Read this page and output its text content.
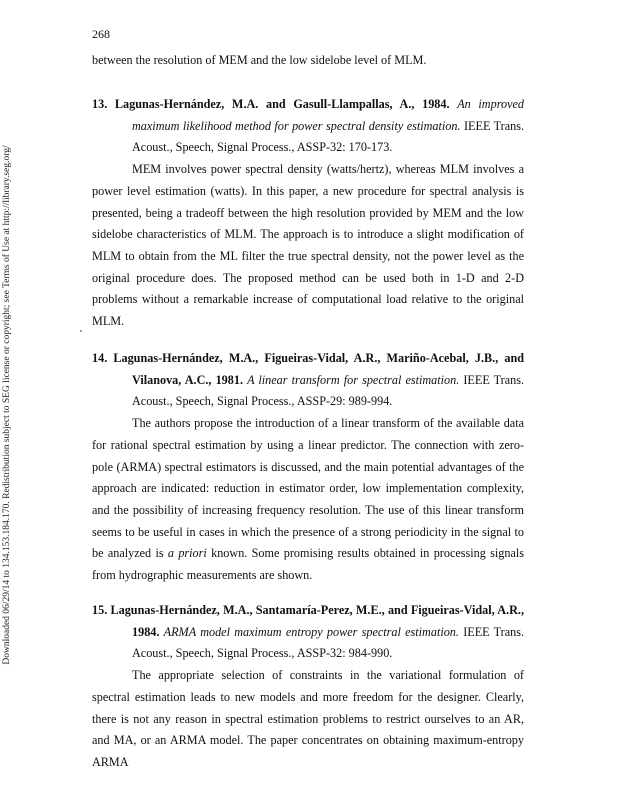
268
Downloaded 06/29/14 to 134.153.184.170. Redistribution subject to SEG license or copyright; see Terms of Use at http://library.seg.org/

between the resolution of MEM and the low sidelobe level of MLM.

13. Lagunas-Hernández, M.A. and Gasull-Llampallas, A., 1984. An improved maximum likelihood method for power spectral density estimation. IEEE Trans. Acoust., Speech, Signal Process., ASSP-32: 170-173.

MEM involves power spectral density (watts/hertz), whereas MLM involves a power level estimation (watts). In this paper, a new procedure for spectral analysis is presented, being a tradeoff between the high resolution provided by MEM and the low sidelobe characteristics of MLM. The approach is to introduce a slight modification of MLM to obtain from the ML filter the true spectral density, not the power level as the original procedure does. The proposed method can be used both in 1-D and 2-D problems without a remarkable increase of computational load relative to the original MLM.

14. Lagunas-Hernández, M.A., Figueiras-Vidal, A.R., Mariño-Acebal, J.B., and Vilanova, A.C., 1981. A linear transform for spectral estimation. IEEE Trans. Acoust., Speech, Signal Process., ASSP-29: 989-994.

The authors propose the introduction of a linear transform of the available data for rational spectral estimation by using a linear predictor. The connection with zero-pole (ARMA) spectral estimators is discussed, and the main potential advantages of the approach are indicated: reduction in estimator order, low implementation complexity, and the possibility of increasing frequency resolution. The use of this linear transform seems to be useful in cases in which the presence of a strong periodicity in the signal to be analyzed is a priori known. Some promising results obtained in processing signals from hydrographic measurements are shown.

15. Lagunas-Hernández, M.A., Santamaría-Perez, M.E., and Figueiras-Vidal, A.R., 1984. ARMA model maximum entropy power spectral estimation. IEEE Trans. Acoust., Speech, Signal Process., ASSP-32: 984-990.

The appropriate selection of constraints in the variational formulation of spectral estimation leads to new models and more freedom for the designer. Clearly, there is not any reason in spectral estimation problems to restrict ourselves to an AR, and MA, or an ARMA model. The paper concentrates on obtaining maximum-entropy ARMA
